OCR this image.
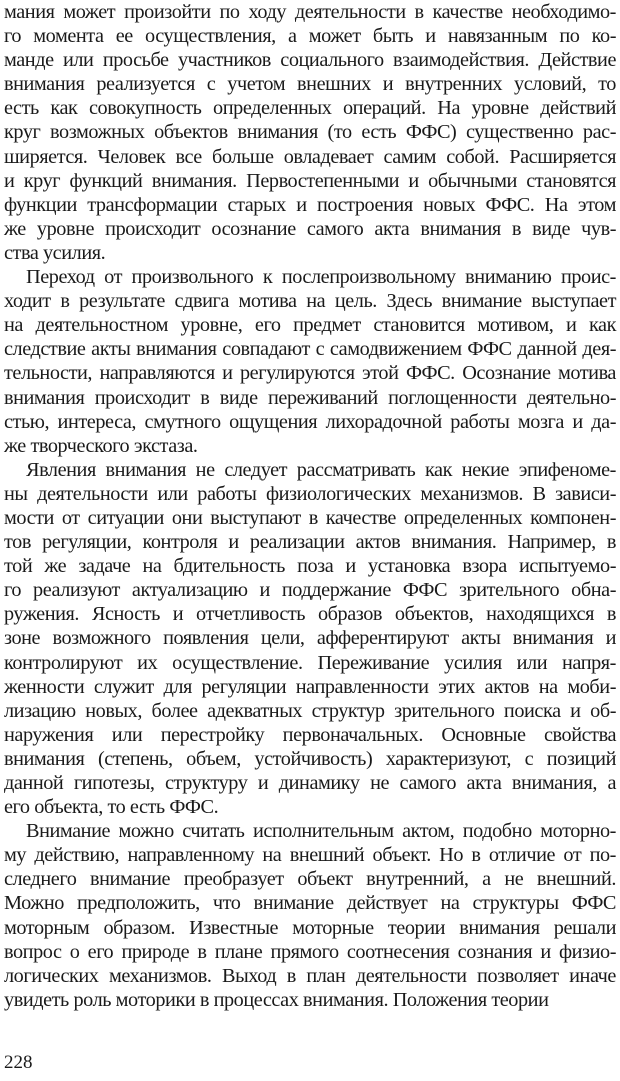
мания может произойти по ходу деятельности в качестве необходимо-
го момента ее осуществления, а может быть и навязанным по ко-
манде или просьбе участников социального взаимодействия. Действие
внимания реализуется с учетом внешних и внутренних условий, то
есть как совокупность определенных операций. На уровне действий
круг возможных объектов внимания (то есть ФФС) существенно рас-
ширяется. Человек все больше овладевает самим собой. Расширяется
и круг функций внимания. Первостепенными и обычными становятся
функции трансформации старых и построения новых ФФС. На этом
же уровне происходит осознание самого акта внимания в виде чув-
ства усилия.
Переход от произвольного к послепроизвольному вниманию проис-
ходит в результате сдвига мотива на цель. Здесь внимание выступает
на деятельностном уровне, его предмет становится мотивом, и как
следствие акты внимания совпадают с самодвижением ФФС данной дея-
тельности, направляются и регулируются этой ФФС. Осознание мотива
внимания происходит в виде переживаний поглощенности деятельно-
стью, интереса, смутного ощущения лихорадочной работы мозга и да-
же творческого экстаза.
Явления внимания не следует рассматривать как некие эпифеноме-
ны деятельности или работы физиологических механизмов. В зависи-
мости от ситуации они выступают в качестве определенных компонен-
тов регуляции, контроля и реализации актов внимания. Например, в
той же задаче на бдительность поза и установка взора испытуемо-
го реализуют актуализацию и поддержание ФФС зрительного обна-
ружения. Ясность и отчетливость образов объектов, находящихся в
зоне возможного появления цели, афферентируют акты внимания и
контролируют их осуществление. Переживание усилия или напря-
женности служит для регуляции направленности этих актов на моби-
лизацию новых, более адекватных структур зрительного поиска и об-
наружения или перестройку первоначальных. Основные свойства
внимания (степень, объем, устойчивость) характеризуют, с позиций
данной гипотезы, структуру и динамику не самого акта внимания, а
его объекта, то есть ФФС.
Внимание можно считать исполнительным актом, подобно моторно-
му действию, направленному на внешний объект. Но в отличие от по-
следнего внимание преобразует объект внутренний, а не внешний.
Можно предположить, что внимание действует на структуры ФФС
моторным образом. Известные моторные теории внимания решали
вопрос о его природе в плане прямого соотнесения сознания и физио-
логических механизмов. Выход в план деятельности позволяет иначе
увидеть роль моторики в процессах внимания. Положения теории
228
